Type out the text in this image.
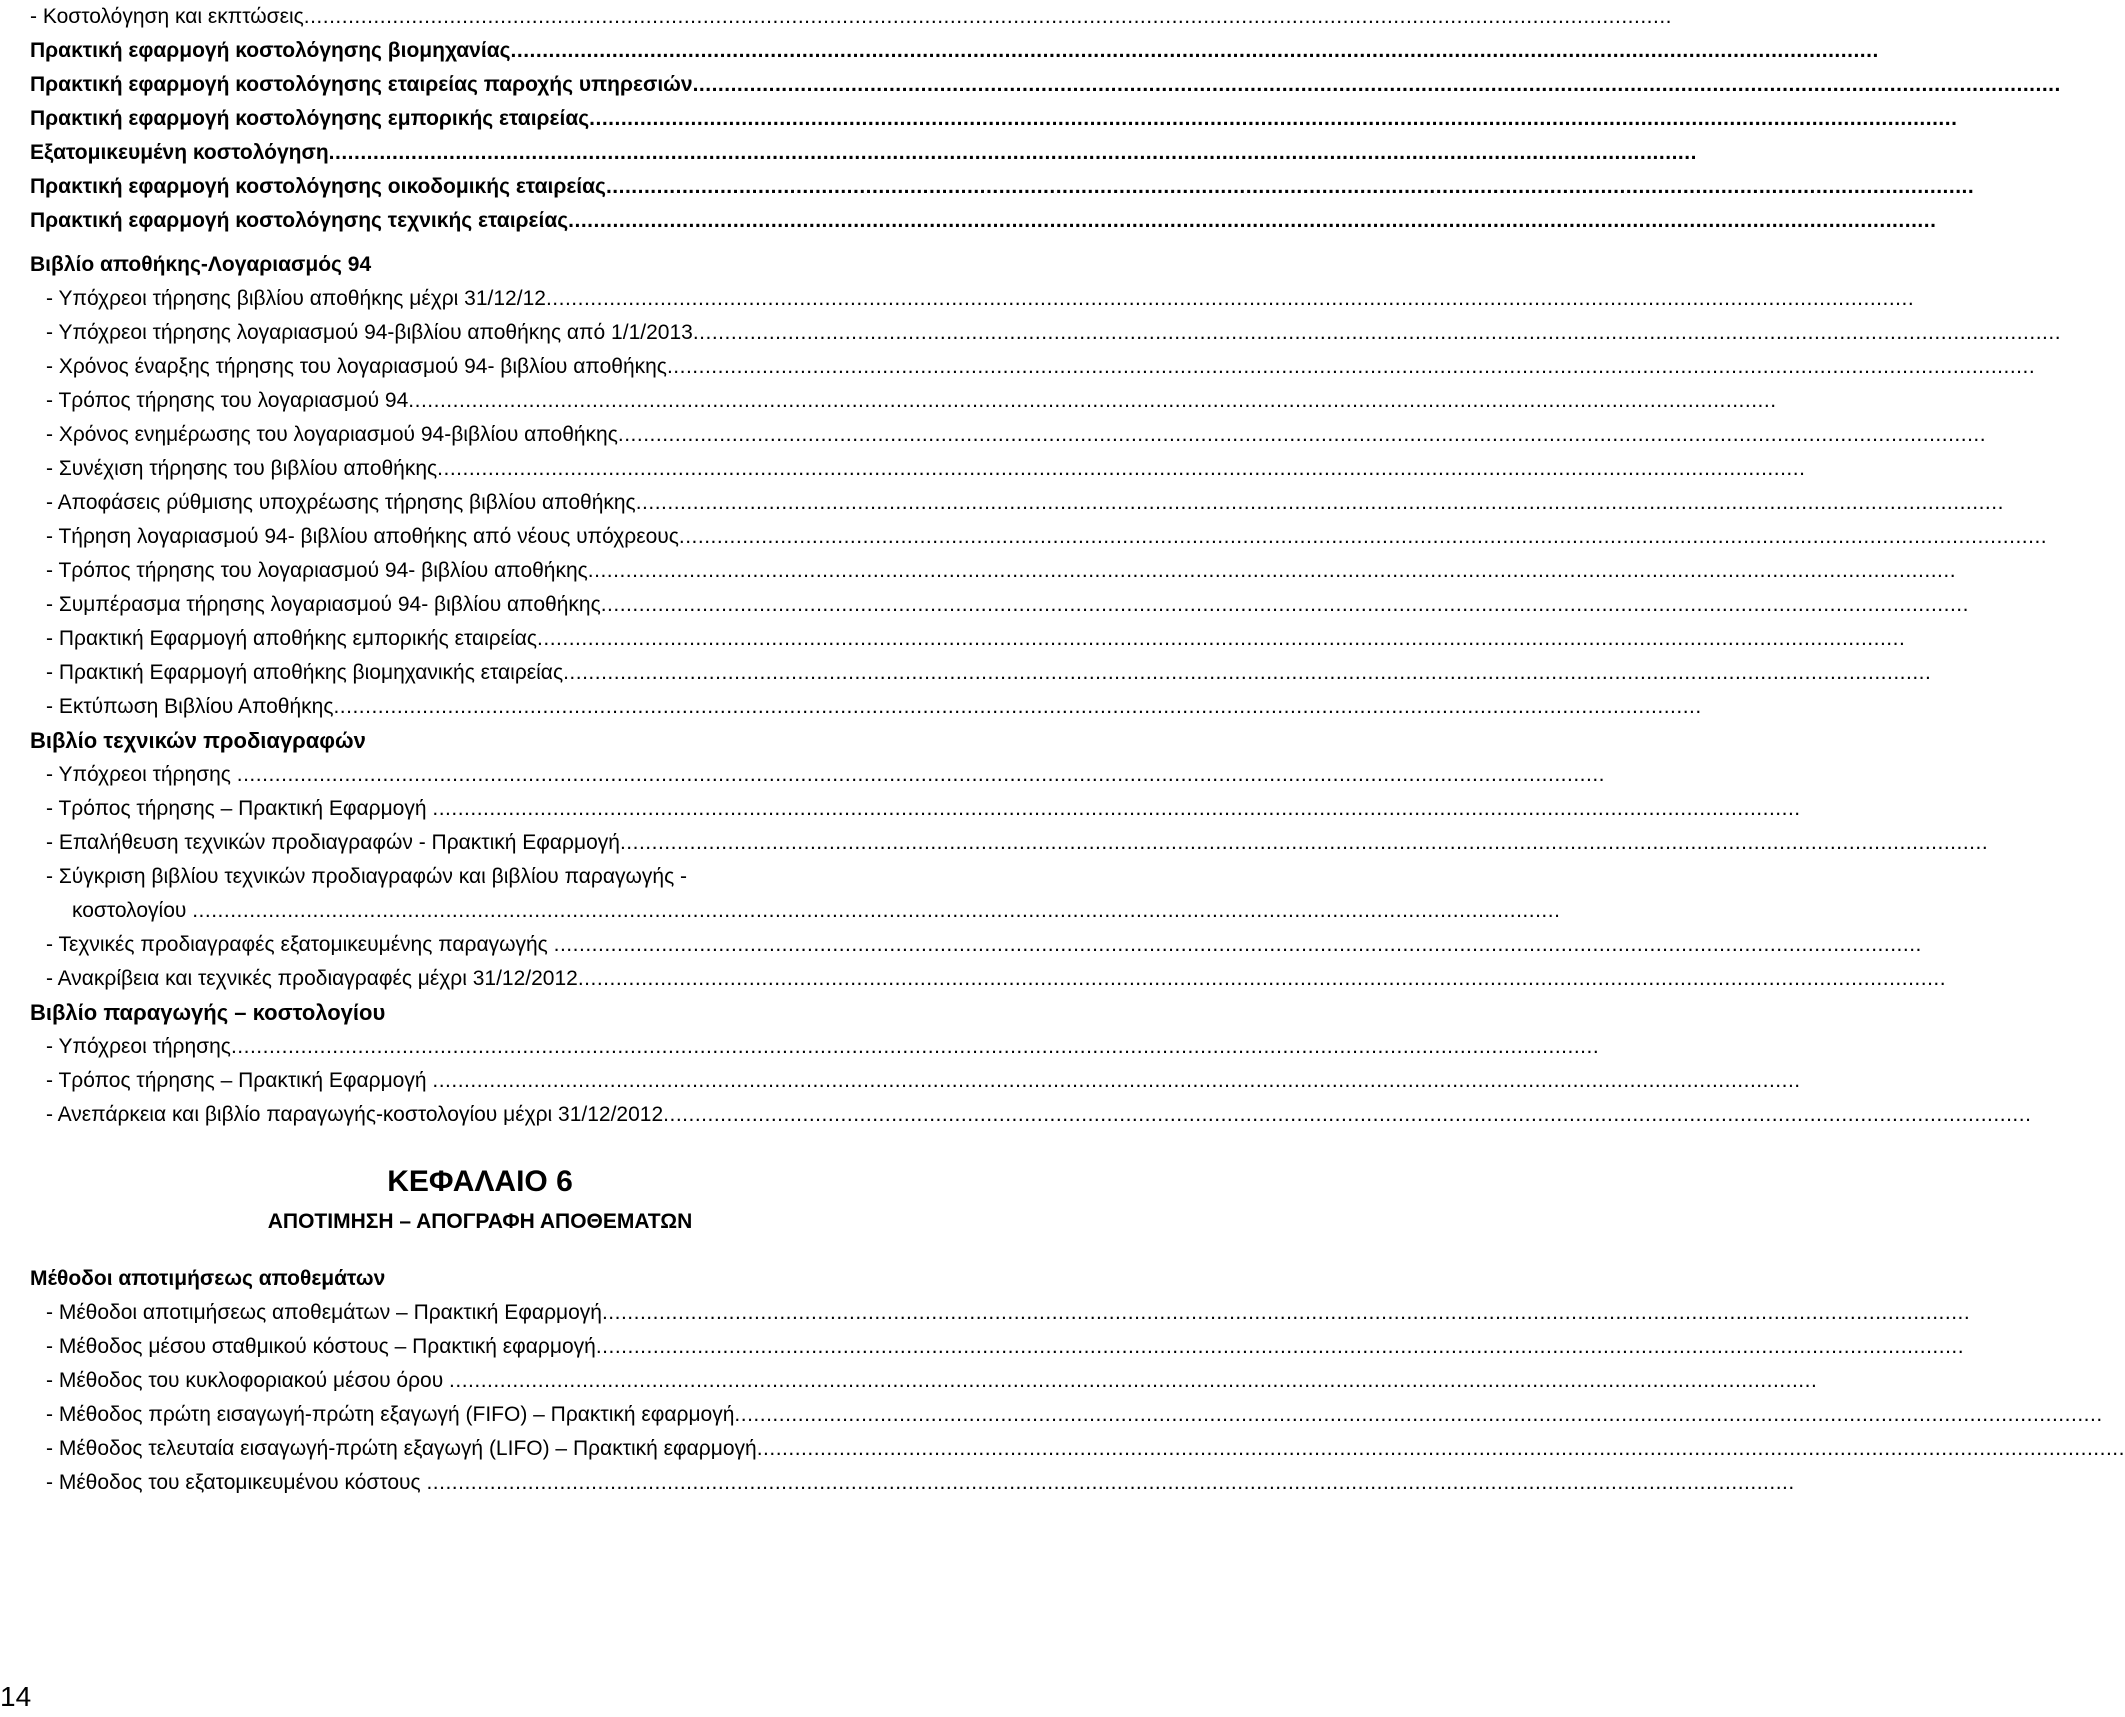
- Κοστολόγηση και εκπτώσεις ........................................................................................................................................................................................................................
Πρακτική εφαρμογή κοστολόγησης βιομηχανίας ........................................................................................................................................................................................................................
Πρακτική εφαρμογή κοστολόγησης εταιρείας παροχής υπηρεσιών ........................................................................................................................................................................................................................
Πρακτική εφαρμογή κοστολόγησης εμπορικής εταιρείας ........................................................................................................................................................................................................................
Εξατομικευμένη κοστολόγηση ........................................................................................................................................................................................................................
Πρακτική εφαρμογή κοστολόγησης οικοδομικής εταιρείας ........................................................................................................................................................................................................................
Πρακτική εφαρμογή κοστολόγησης τεχνικής εταιρείας ........................................................................................................................................................................................................................
Βιβλίο αποθήκης-Λογαριασμός 94
- Υπόχρεοι τήρησης βιβλίου αποθήκης μέχρι 31/12/12 ........................................................................................................................................................................................................................
- Υπόχρεοι τήρησης λογαριασμού 94-βιβλίου αποθήκης από 1/1/2013 ........................................................................................................................................................................................................................
- Χρόνος έναρξης τήρησης του λογαριασμού 94- βιβλίου αποθήκης ........................................................................................................................................................................................................................
- Τρόπος τήρησης του λογαριασμού 94 ........................................................................................................................................................................................................................
- Χρόνος ενημέρωσης του λογαριασμού 94-βιβλίου αποθήκης ........................................................................................................................................................................................................................
- Συνέχιση τήρησης του βιβλίου αποθήκης ........................................................................................................................................................................................................................
- Αποφάσεις ρύθμισης υποχρέωσης τήρησης βιβλίου αποθήκης ........................................................................................................................................................................................................................
- Τήρηση λογαριασμού 94- βιβλίου αποθήκης από νέους υπόχρεους ........................................................................................................................................................................................................................
- Τρόπος τήρησης του λογαριασμού 94- βιβλίου αποθήκης ........................................................................................................................................................................................................................
- Συμπέρασμα τήρησης λογαριασμού 94- βιβλίου αποθήκης ........................................................................................................................................................................................................................
- Πρακτική Εφαρμογή αποθήκης εμπορικής εταιρείας ........................................................................................................................................................................................................................
- Πρακτική Εφαρμογή αποθήκης βιομηχανικής εταιρείας ........................................................................................................................................................................................................................
- Εκτύπωση Βιβλίου Αποθήκης ........................................................................................................................................................................................................................
Βιβλίο τεχνικών προδιαγραφών
- Υπόχρεοι τήρησης ........................................................................................................................................................................................................................
- Τρόπος τήρησης – Πρακτική Εφαρμογή ........................................................................................................................................................................................................................
- Επαλήθευση τεχνικών προδιαγραφών - Πρακτική Εφαρμογή ........................................................................................................................................................................................................................
- Σύγκριση βιβλίου τεχνικών προδιαγραφών και βιβλίου παραγωγής -
κοστολογίου ........................................................................................................................................................................................................................
- Τεχνικές προδιαγραφές εξατομικευμένης παραγωγής ........................................................................................................................................................................................................................
- Ανακρίβεια και τεχνικές προδιαγραφές μέχρι 31/12/2012 ........................................................................................................................................................................................................................
Βιβλίο παραγωγής – κοστολογίου
- Υπόχρεοι τήρησης ........................................................................................................................................................................................................................
- Τρόπος τήρησης – Πρακτική Εφαρμογή ........................................................................................................................................................................................................................
- Ανεπάρκεια και βιβλίο παραγωγής-κοστολογίου μέχρι 31/12/2012 ........................................................................................................................................................................................................................
ΚΕΦΑΛΑΙΟ 6
ΑΠΟΤΙΜΗΣΗ – ΑΠΟΓΡΑΦΗ ΑΠΟΘΕΜΑΤΩΝ
Μέθοδοι αποτιμήσεως αποθεμάτων
- Μέθοδοι αποτιμήσεως αποθεμάτων – Πρακτική Εφαρμογή ........................................................................................................................................................................................................................
- Μέθοδος μέσου σταθμικού κόστους – Πρακτική εφαρμογή ........................................................................................................................................................................................................................
- Μέθοδος του κυκλοφοριακού μέσου όρου ........................................................................................................................................................................................................................
- Μέθοδος πρώτη εισαγωγή-πρώτη εξαγωγή (FIFO) – Πρακτική εφαρμογή ........................................................................................................................................................................................................................
- Μέθοδος τελευταία εισαγωγή-πρώτη εξαγωγή (LIFO) – Πρακτική εφαρμογή ........................................................................................................................................................................................................................
- Μέθοδος του εξατομικευμένου κόστους ........................................................................................................................................................................................................................
14
